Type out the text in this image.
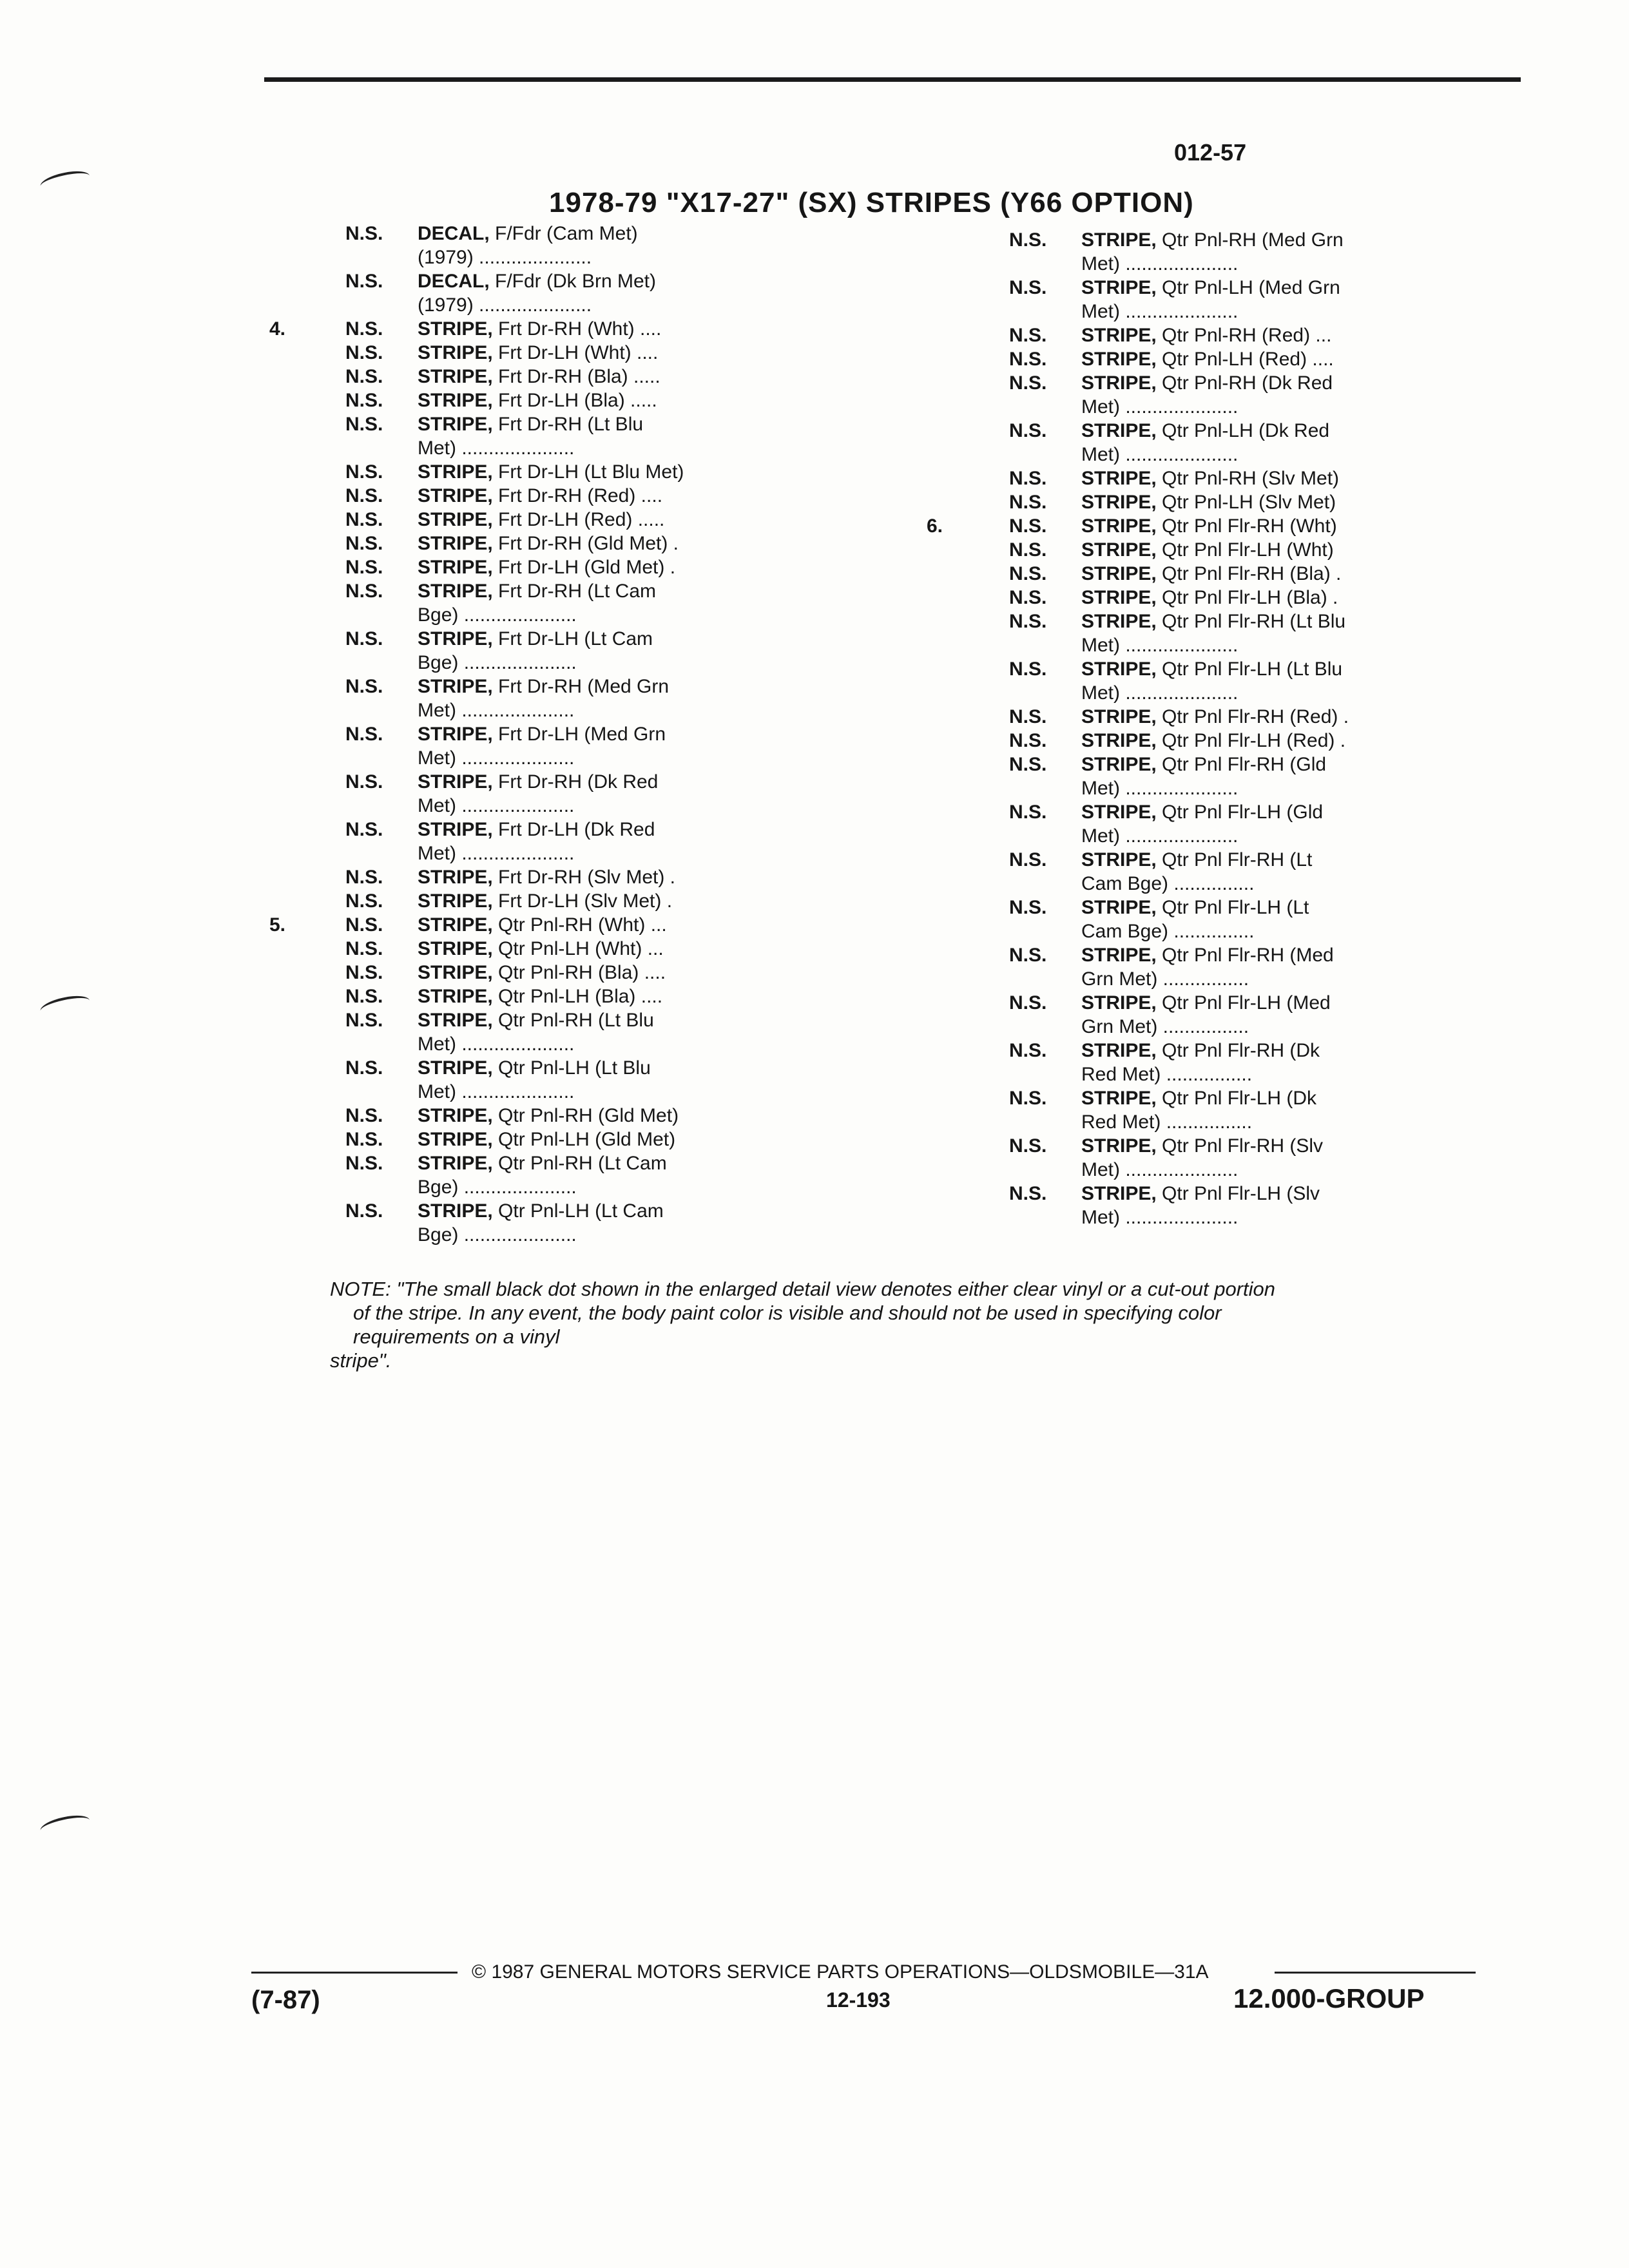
012-57
1978-79 "X17-27" (SX) STRIPES (Y66 OPTION)
N.S. DECAL, F/Fdr (Cam Met)
(1979) .....................
N.S. DECAL, F/Fdr (Dk Brn Met)
(1979) .....................
4.	N.S. STRIPE, Frt Dr-RH (Wht) ....
N.S. STRIPE, Frt Dr-LH (Wht) ....
N.S. STRIPE, Frt Dr-RH (Bla) .....
N.S. STRIPE, Frt Dr-LH (Bla) .....
N.S. STRIPE, Frt Dr-RH (Lt Blu
Met) .....................
N.S. STRIPE, Frt Dr-LH (Lt Blu Met)
N.S. STRIPE, Frt Dr-RH (Red) ....
N.S. STRIPE, Frt Dr-LH (Red) .....
N.S. STRIPE, Frt Dr-RH (Gld Met) .
N.S. STRIPE, Frt Dr-LH (Gld Met) .
N.S. STRIPE, Frt Dr-RH (Lt Cam
Bge) .....................
N.S. STRIPE, Frt Dr-LH (Lt Cam
Bge) .....................
N.S. STRIPE, Frt Dr-RH (Med Grn
Met) .....................
N.S. STRIPE, Frt Dr-LH (Med Grn
Met) .....................
N.S. STRIPE, Frt Dr-RH (Dk Red
Met) .....................
N.S. STRIPE, Frt Dr-LH (Dk Red
Met) .....................
N.S. STRIPE, Frt Dr-RH (Slv Met) .
N.S. STRIPE, Frt Dr-LH (Slv Met) .
5.	N.S. STRIPE, Qtr Pnl-RH (Wht) ...
N.S. STRIPE, Qtr Pnl-LH (Wht) ...
N.S. STRIPE, Qtr Pnl-RH (Bla) ....
N.S. STRIPE, Qtr Pnl-LH (Bla) ....
N.S. STRIPE, Qtr Pnl-RH (Lt Blu
Met) .....................
N.S. STRIPE, Qtr Pnl-LH (Lt Blu
Met) .....................
N.S. STRIPE, Qtr Pnl-RH (Gld Met)
N.S. STRIPE, Qtr Pnl-LH (Gld Met)
N.S. STRIPE, Qtr Pnl-RH (Lt Cam
Bge) .....................
N.S. STRIPE, Qtr Pnl-LH (Lt Cam
Bge) .....................
N.S. STRIPE, Qtr Pnl-RH (Med Grn
Met) .....................
N.S. STRIPE, Qtr Pnl-LH (Med Grn
Met) .....................
N.S. STRIPE, Qtr Pnl-RH (Red) ...
N.S. STRIPE, Qtr Pnl-LH (Red) ....
N.S. STRIPE, Qtr Pnl-RH (Dk Red
Met) .....................
N.S. STRIPE, Qtr Pnl-LH (Dk Red
Met) .....................
N.S. STRIPE, Qtr Pnl-RH (Slv Met)
N.S. STRIPE, Qtr Pnl-LH (Slv Met)
6.	N.S. STRIPE, Qtr Pnl Flr-RH (Wht)
N.S. STRIPE, Qtr Pnl Flr-LH (Wht)
N.S. STRIPE, Qtr Pnl Flr-RH (Bla) .
N.S. STRIPE, Qtr Pnl Flr-LH (Bla) .
N.S. STRIPE, Qtr Pnl Flr-RH (Lt Blu
Met) .....................
N.S. STRIPE, Qtr Pnl Flr-LH (Lt Blu
Met) .....................
N.S. STRIPE, Qtr Pnl Flr-RH (Red) .
N.S. STRIPE, Qtr Pnl Flr-LH (Red) .
N.S. STRIPE, Qtr Pnl Flr-RH (Gld
Met) .....................
N.S. STRIPE, Qtr Pnl Flr-LH (Gld
Met) .....................
N.S. STRIPE, Qtr Pnl Flr-RH (Lt
Cam Bge) ...............
N.S. STRIPE, Qtr Pnl Flr-LH (Lt
Cam Bge) ...............
N.S. STRIPE, Qtr Pnl Flr-RH (Med
Grn Met) ................
N.S. STRIPE, Qtr Pnl Flr-LH (Med
Grn Met) ................
N.S. STRIPE, Qtr Pnl Flr-RH (Dk
Red Met) ................
N.S. STRIPE, Qtr Pnl Flr-LH (Dk
Red Met) ................
N.S. STRIPE, Qtr Pnl Flr-RH (Slv
Met) .....................
N.S. STRIPE, Qtr Pnl Flr-LH (Slv
Met) .....................
NOTE: "The small black dot shown in the enlarged detail view denotes either clear vinyl or a cut-out portion
of the stripe. In any event, the body paint color is visible and should not be used in specifying color
requirements on a vinyl
stripe".
© 1987 GENERAL MOTORS SERVICE PARTS OPERATIONS—OLDSMOBILE—31A
(7-87)	12-193	12.000-GROUP
